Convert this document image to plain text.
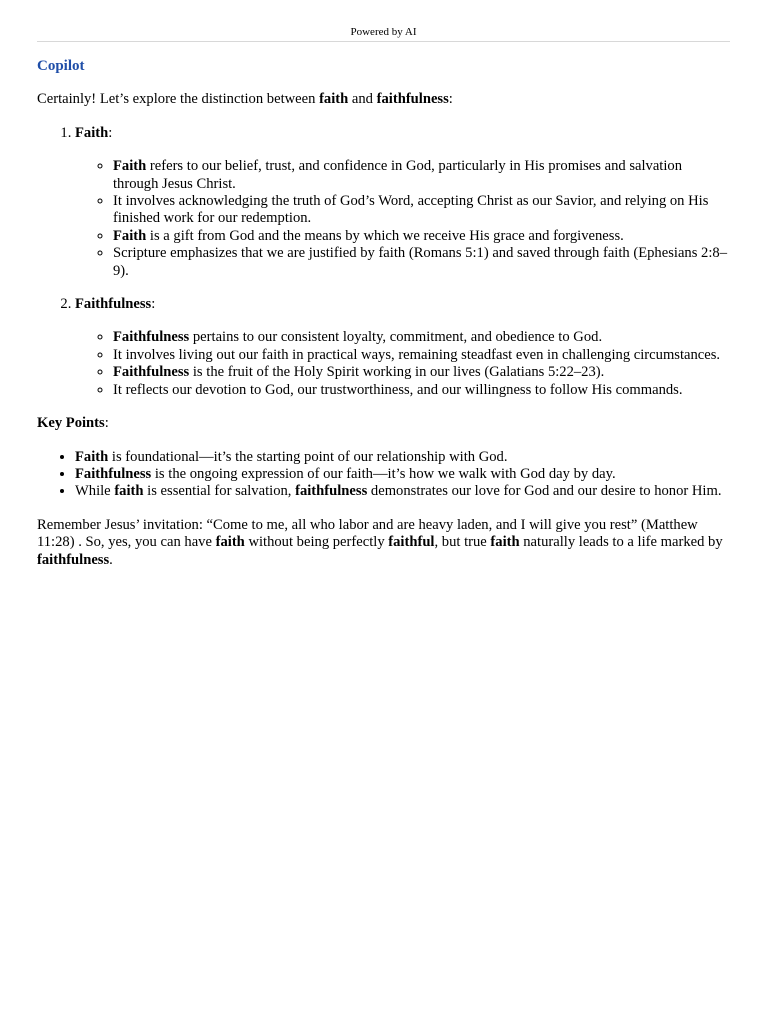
Powered by AI
Copilot

Certainly! Let’s explore the distinction between faith and faithfulness:

1. Faith:
◦ Faith refers to our belief, trust, and confidence in God, particularly in His promises and salvation through Jesus Christ.
◦ It involves acknowledging the truth of God’s Word, accepting Christ as our Savior, and relying on His finished work for our redemption.
◦ Faith is a gift from God and the means by which we receive His grace and forgiveness.
◦ Scripture emphasizes that we are justified by faith (Romans 5:1) and saved through faith (Ephesians 2:8–9).
2. Faithfulness:
◦ Faithfulness pertains to our consistent loyalty, commitment, and obedience to God.
◦ It involves living out our faith in practical ways, remaining steadfast even in challenging circumstances.
◦ Faithfulness is the fruit of the Holy Spirit working in our lives (Galatians 5:22–23).
◦ It reflects our devotion to God, our trustworthiness, and our willingness to follow His commands.

Key Points:

• Faith is foundational—it’s the starting point of our relationship with God.
• Faithfulness is the ongoing expression of our faith—it’s how we walk with God day by day.
• While faith is essential for salvation, faithfulness demonstrates our love for God and our desire to honor Him.

Remember Jesus’ invitation: “Come to me, all who labor and are heavy laden, and I will give you rest” (Matthew 11:28) . So, yes, you can have faith without being perfectly faithful, but true faith naturally leads to a life marked by faithfulness.
